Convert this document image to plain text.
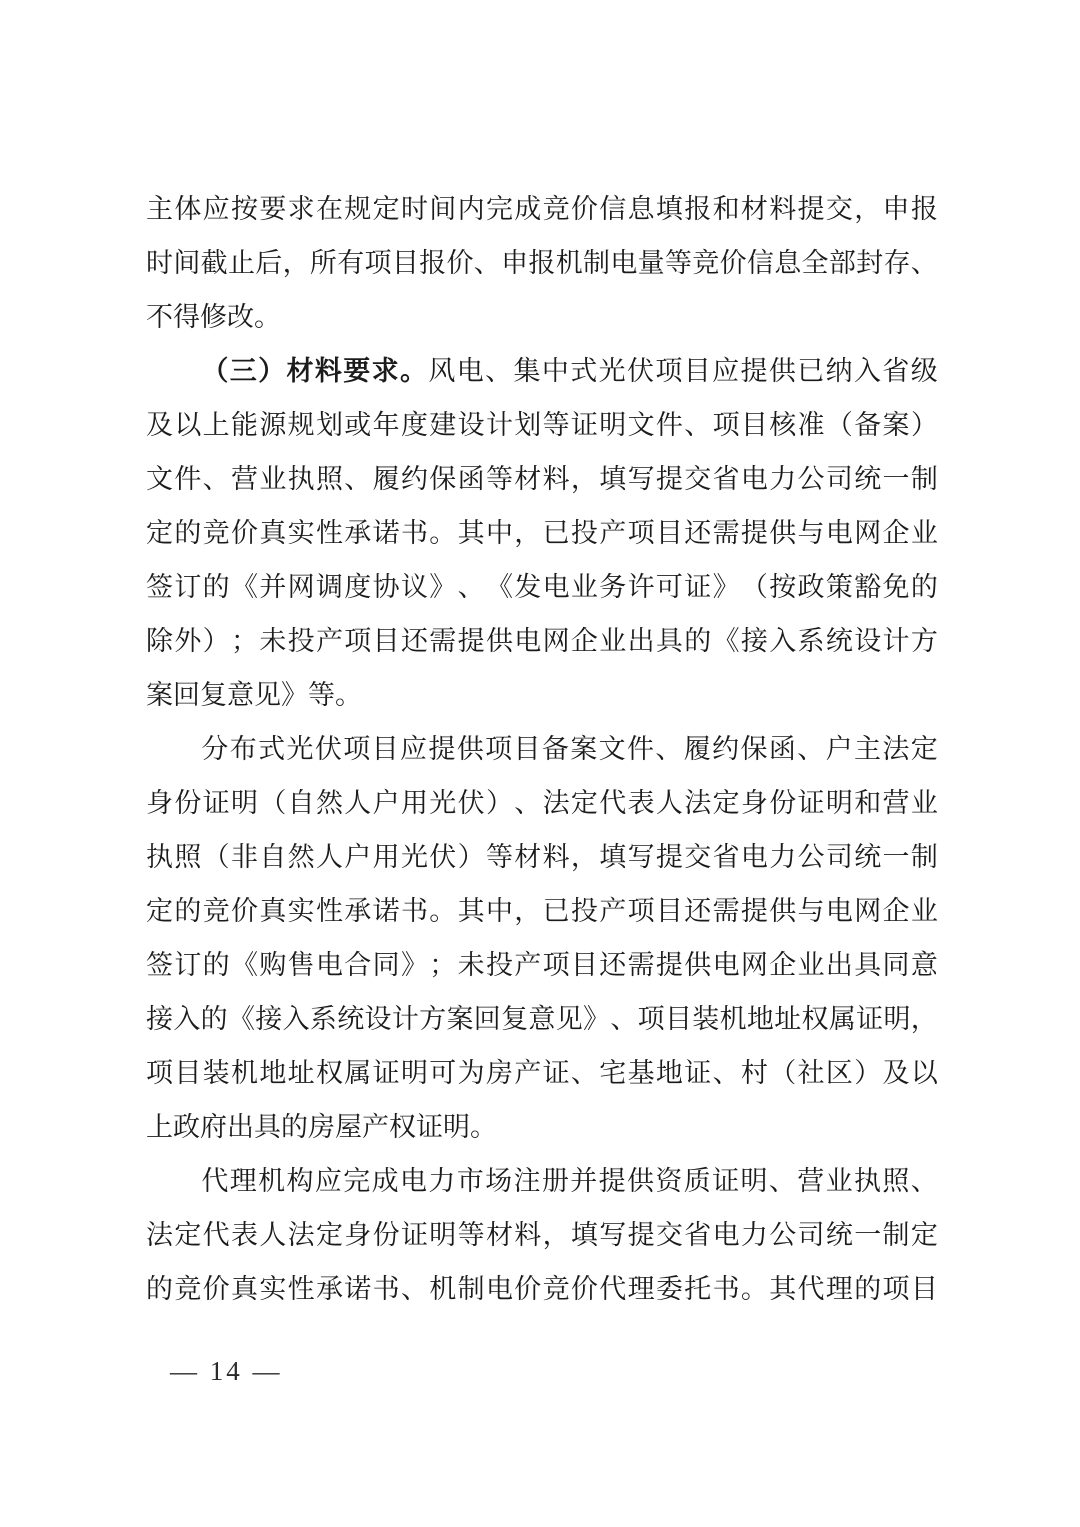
主 体 应 按 要 求 在 规 定 时 间 内 完 成 竞 价 信 息 填 报 和 材 料 提 交 ， 申 报
时 间 截 止 后 ， 所 有 项 目 报 价 、 申 报 机 制 电 量 等 竞 价 信 息 全 部 封 存 、
不 得 修 改 。
（ 三 ） 材 料 要 求 。 风 电 、 集 中 式 光 伏 项 目 应 提 供 已 纳 入 省 级
及 以 上 能 源 规 划 或 年 度 建 设 计 划 等 证 明 文 件 、 项 目 核 准 （ 备 案 ）
文 件 、 营 业 执 照 、 履 约 保 函 等 材 料 ， 填 写 提 交 省 电 力 公 司 统 一 制
定 的 竞 价 真 实 性 承 诺 书 。 其 中 ， 已 投 产 项 目 还 需 提 供 与 电 网 企 业
签 订 的 《 并 网 调 度 协 议 》 、 《 发 电 业 务 许 可 证 》 （ 按 政 策 豁 免 的
除 外 ） ； 未 投 产 项 目 还 需 提 供 电 网 企 业 出 具 的 《 接 入 系 统 设 计 方
案 回 复 意 见 》 等 。
分 布 式 光 伏 项 目 应 提 供 项 目 备 案 文 件 、 履 约 保 函 、 户 主 法 定
身 份 证 明 （ 自 然 人 户 用 光 伏 ） 、 法 定 代 表 人 法 定 身 份 证 明 和 营 业
执 照 （ 非 自 然 人 户 用 光 伏 ） 等 材 料 ， 填 写 提 交 省 电 力 公 司 统 一 制
定 的 竞 价 真 实 性 承 诺 书 。 其 中 ， 已 投 产 项 目 还 需 提 供 与 电 网 企 业
签 订 的 《 购 售 电 合 同 》 ； 未 投 产 项 目 还 需 提 供 电 网 企 业 出 具 同 意
接 入 的 《 接 入 系 统 设 计 方 案 回 复 意 见 》 、 项 目 装 机 地 址 权 属 证 明 ，
项 目 装 机 地 址 权 属 证 明 可 为 房 产 证 、 宅 基 地 证 、 村 （ 社 区 ） 及 以
上 政 府 出 具 的 房 屋 产 权 证 明 。
代 理 机 构 应 完 成 电 力 市 场 注 册 并 提 供 资 质 证 明 、 营 业 执 照 、
法 定 代 表 人 法 定 身 份 证 明 等 材 料 ， 填 写 提 交 省 电 力 公 司 统 一 制 定
的 竞 价 真 实 性 承 诺 书 、 机 制 电 价 竞 价 代 理 委 托 书 。 其 代 理 的 项 目
— 14 —
